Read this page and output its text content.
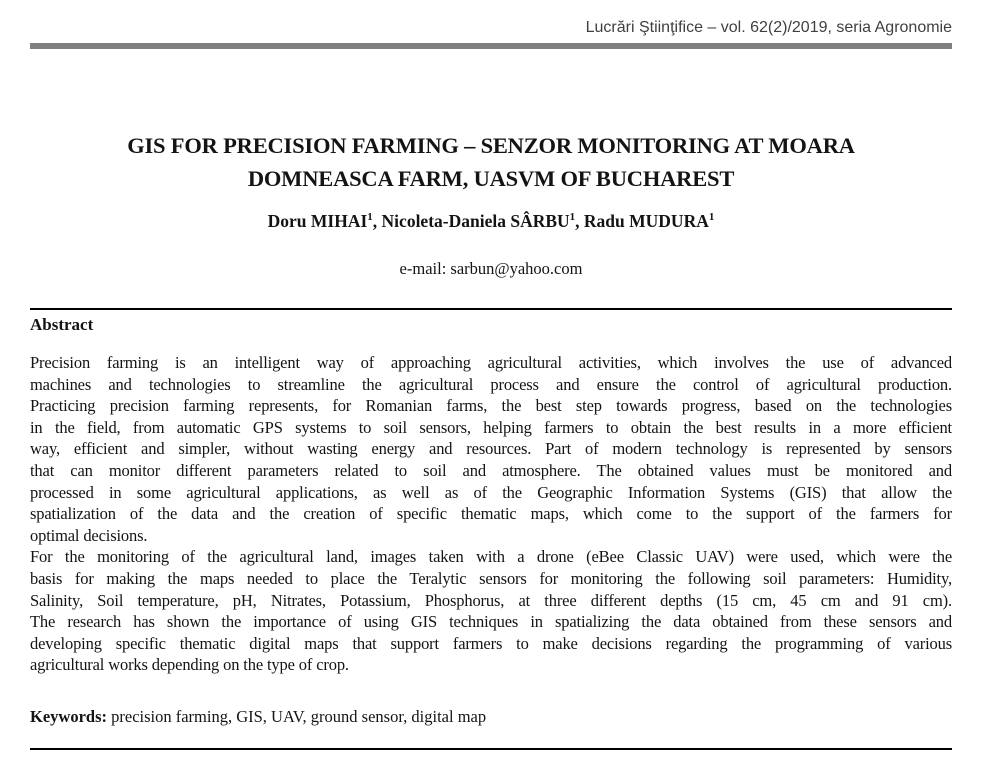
Lucrări Ştiinţifice – vol. 62(2)/2019, seria Agronomie
GIS FOR PRECISION FARMING – SENZOR MONITORING AT MOARA
DOMNEASCA FARM, UASVM OF BUCHAREST
Doru MIHAI$^1$, Nicoleta-Daniela SÂRBU$^1$, Radu MUDURA$^1$
e-mail: sarbun@yahoo.com
Abstract
Precision farming is an intelligent way of approaching agricultural activities, which involves the use of advanced
machines and technologies to streamline the agricultural process and ensure the control of agricultural production.
Practicing precision farming represents, for Romanian farms, the best step towards progress, based on the technologies
in the field, from automatic GPS systems to soil sensors, helping farmers to obtain the best results in a more efficient
way, efficient and simpler, without wasting energy and resources. Part of modern technology is represented by sensors
that can monitor different parameters related to soil and atmosphere. The obtained values must be monitored and
processed in some agricultural applications, as well as of the Geographic Information Systems (GIS) that allow the
spatialization of the data and the creation of specific thematic maps, which come to the support of the farmers for
optimal decisions.
For the monitoring of the agricultural land, images taken with a drone (eBee Classic UAV) were used, which were the
basis for making the maps needed to place the Teralytic sensors for monitoring the following soil parameters: Humidity,
Salinity, Soil temperature, pH, Nitrates, Potassium, Phosphorus, at three different depths (15 cm, 45 cm and 91 cm).
The research has shown the importance of using GIS techniques in spatializing the data obtained from these sensors and
developing specific thematic digital maps that support farmers to make decisions regarding the programming of various
agricultural works depending on the type of crop.
Keywords: precision farming, GIS, UAV, ground sensor, digital map
